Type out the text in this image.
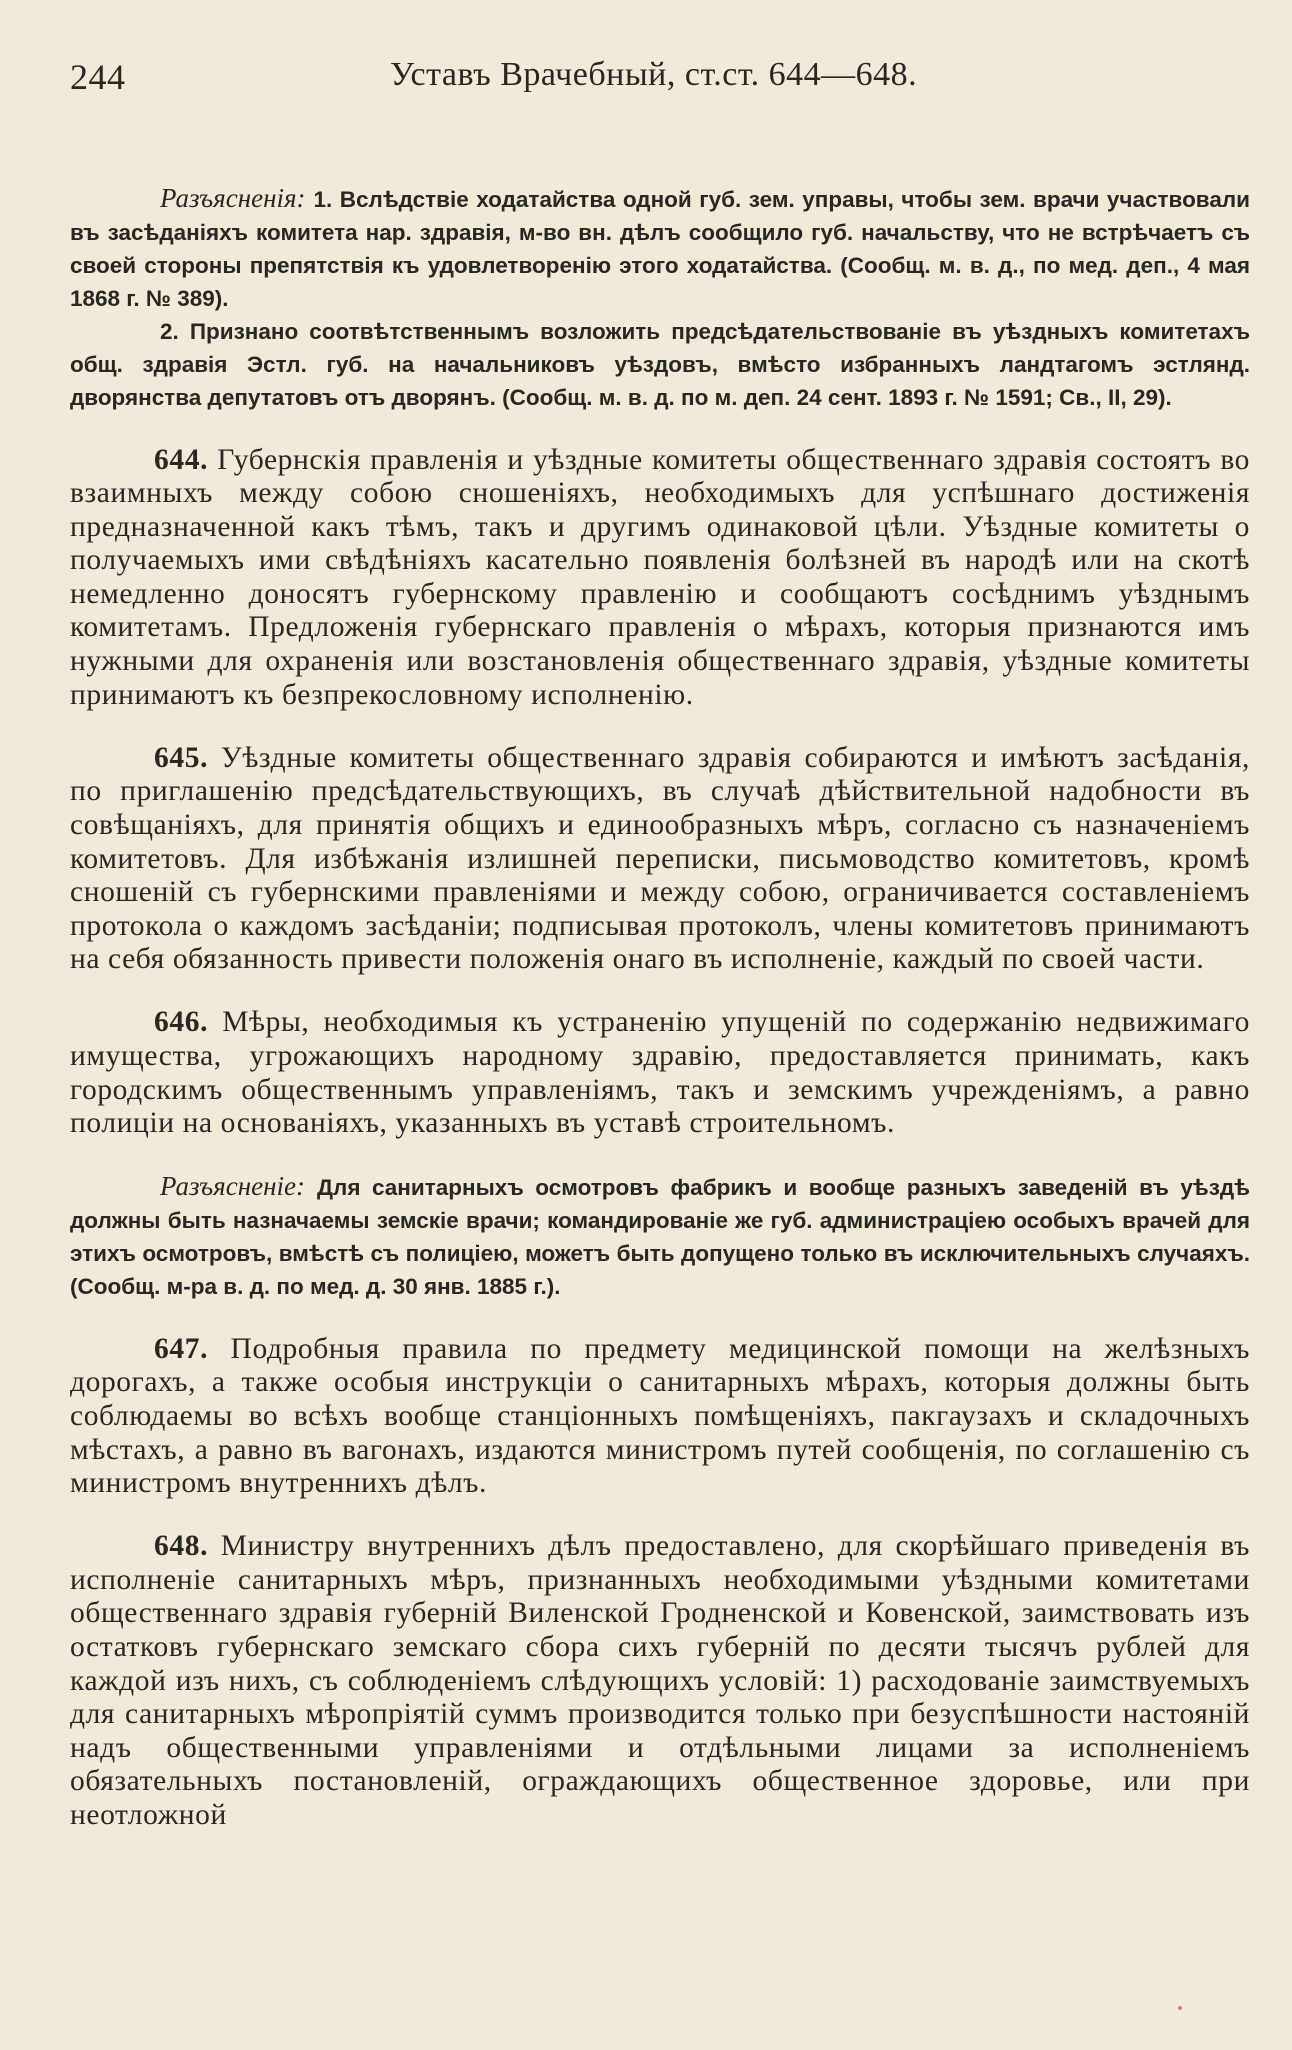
244	Уставъ Врачебный, ст.ст. 644—648.

Разъясненія: 1. Вслѣдствіе ходатайства одной губ. зем. управы, чтобы зем. врачи участвовали въ засѣданіяхъ комитета нар. здравія, м-во вн. дѣлъ сообщило губ. начальству, что не встрѣчаетъ съ своей стороны препятствія къ удовлетворенію этого ходатайства. (Сообщ. м. в. д., по мед. деп., 4 мая 1868 г. № 389).

2. Признано соотвѣтственнымъ возложить предсѣдательствованіе въ уѣздныхъ комитетахъ общ. здравія Эстл. губ. на начальниковъ уѣздовъ, вмѣсто избранныхъ ландтагомъ эстлянд. дворянства депутатовъ отъ дворянъ. (Сообщ. м. в. д. по м. деп. 24 сент. 1893 г. № 1591; Св., II, 29).

644. Губернскія правленія и уѣздные комитеты общественнаго здравія состоятъ во взаимныхъ между собою сношеніяхъ, необходимыхъ для успѣшнаго достиженія предназначенной какъ тѣмъ, такъ и другимъ одинаковой цѣли. Уѣздные комитеты о получаемыхъ ими свѣдѣніяхъ касательно появленія болѣзней въ народѣ или на скотѣ немедленно доносятъ губернскому правленію и сообщаютъ сосѣднимъ уѣзднымъ комитетамъ. Предложенія губернскаго правленія о мѣрахъ, которыя признаются имъ нужными для охраненія или возстановленія общественнаго здравія, уѣздные комитеты принимаютъ къ безпрекословному исполненію.

645. Уѣздные комитеты общественнаго здравія собираются и имѣютъ засѣданія, по приглашенію предсѣдательствующихъ, въ случаѣ дѣйствительной надобности въ совѣщаніяхъ, для принятія общихъ и единообразныхъ мѣръ, согласно съ назначеніемъ комитетовъ. Для избѣжанія излишней переписки, письмоводство комитетовъ, кромѣ сношеній съ губернскими правленіями и между собою, ограничивается составленіемъ протокола о каждомъ засѣданіи; подписывая протоколъ, члены комитетовъ принимаютъ на себя обязанность привести положенія онаго въ исполненіе, каждый по своей части.

646. Мѣры, необходимыя къ устраненію упущеній по содержанію недвижимаго имущества, угрожающихъ народному здравію, предоставляется принимать, какъ городскимъ общественнымъ управленіямъ, такъ и земскимъ учрежденіямъ, а равно полиціи на основаніяхъ, указанныхъ въ уставѣ строительномъ.

Разъясненіе: Для санитарныхъ осмотровъ фабрикъ и вообще разныхъ заведеній въ уѣздѣ должны быть назначаемы земскіе врачи; командированіе же губ. администраціею особыхъ врачей для этихъ осмотровъ, вмѣстѣ съ полиціею, можетъ быть допущено только въ исключительныхъ случаяхъ. (Сообщ. м-ра в. д. по мед. д. 30 янв. 1885 г.).

647. Подробныя правила по предмету медицинской помощи на желѣзныхъ дорогахъ, а также особыя инструкціи о санитарныхъ мѣрахъ, которыя должны быть соблюдаемы во всѣхъ вообще станціонныхъ помѣщеніяхъ, пакгаузахъ и складочныхъ мѣстахъ, а равно въ вагонахъ, издаются министромъ путей сообщенія, по соглашенію съ министромъ внутреннихъ дѣлъ.

648. Министру внутреннихъ дѣлъ предоставлено, для скорѣйшаго приведенія въ исполненіе санитарныхъ мѣръ, признанныхъ необходимыми уѣздными комитетами общественнаго здравія губерній Виленской Гродненской и Ковенской, заимствовать изъ остатковъ губернскаго земскаго сбора сихъ губерній по десяти тысячъ рублей для каждой изъ нихъ, съ соблюденіемъ слѣдующихъ условій: 1) расходованіе заимствуемыхъ для санитарныхъ мѣропріятій суммъ производится только при безуспѣшности настояній надъ общественными управленіями и отдѣльными лицами за исполненіемъ обязательныхъ постановленій, ограждающихъ общественное здоровье, или при неотложной
